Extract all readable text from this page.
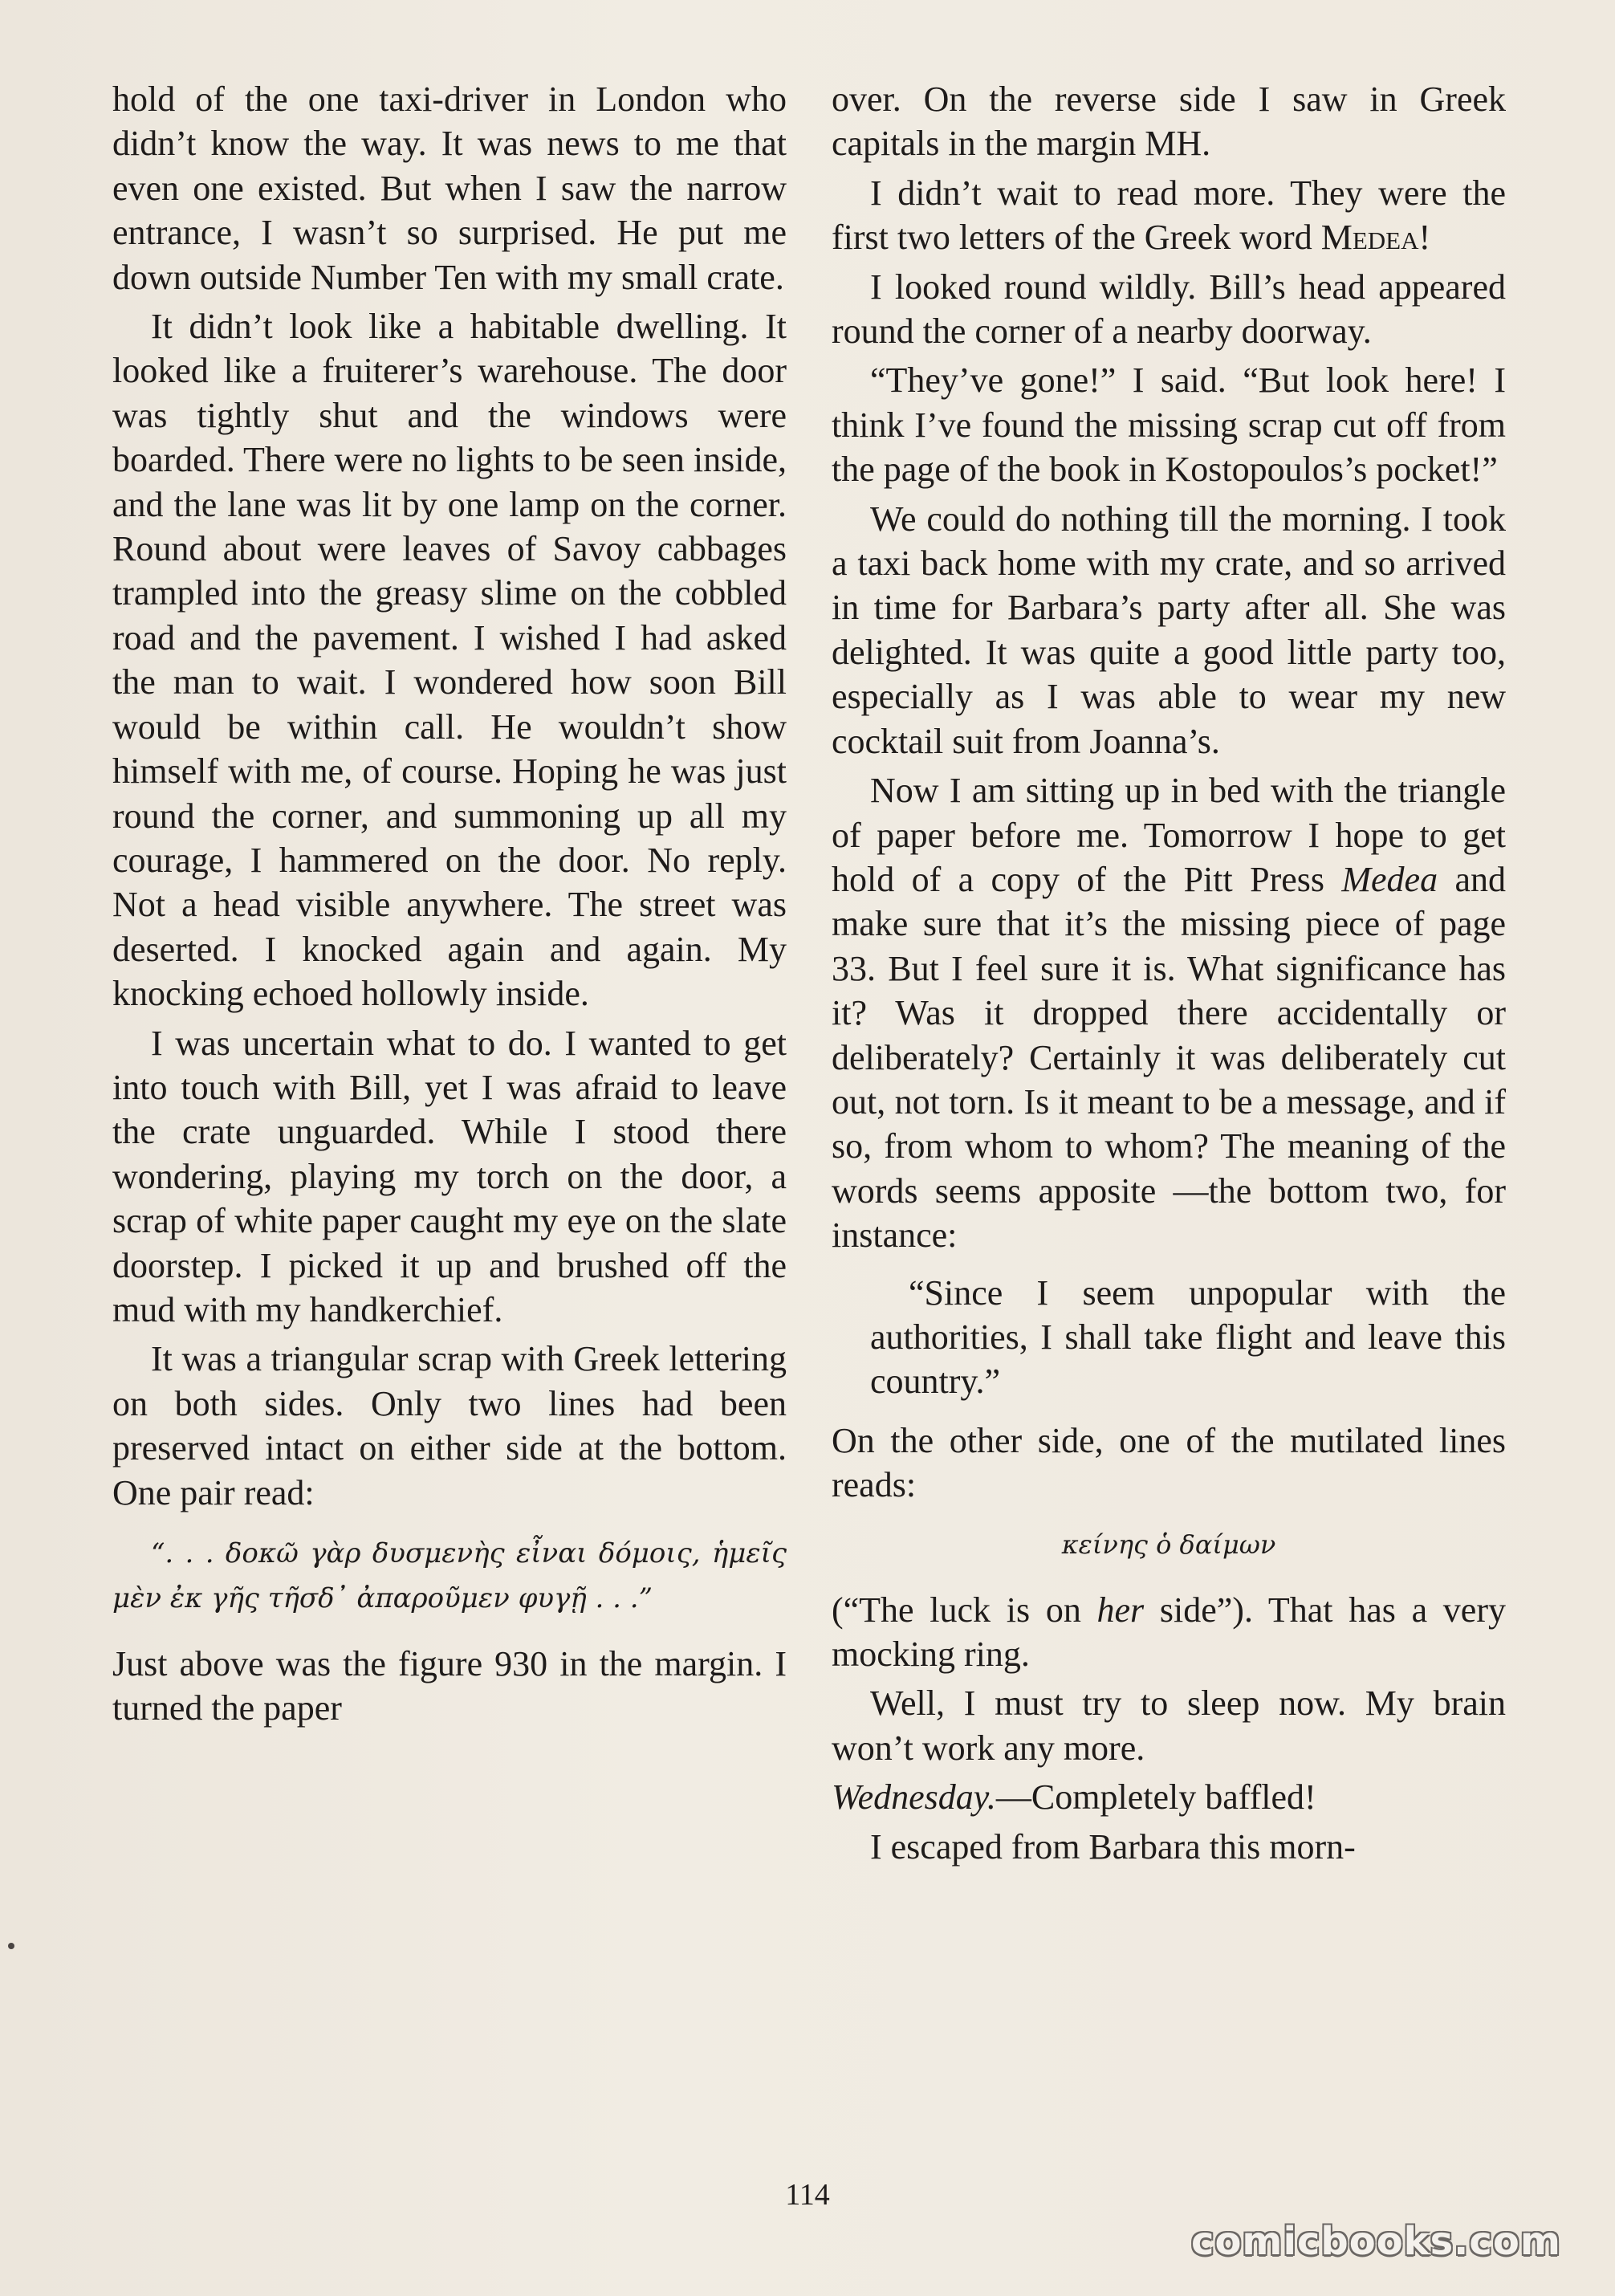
hold of the one taxi-driver in London who didn’t know the way. It was news to me that even one existed. But when I saw the narrow entrance, I wasn’t so surprised. He put me down outside Number Ten with my small crate.

It didn’t look like a habitable dwelling. It looked like a fruiterer’s warehouse. The door was tightly shut and the windows were boarded. There were no lights to be seen inside, and the lane was lit by one lamp on the corner. Round about were leaves of Savoy cabbages trampled into the greasy slime on the cobbled road and the pavement. I wished I had asked the man to wait. I wondered how soon Bill would be within call. He wouldn’t show himself with me, of course. Hoping he was just round the corner, and summoning up all my courage, I hammered on the door. No reply. Not a head visible anywhere. The street was deserted. I knocked again and again. My knocking echoed hollowly inside.

I was uncertain what to do. I wanted to get into touch with Bill, yet I was afraid to leave the crate unguarded. While I stood there wondering, playing my torch on the door, a scrap of white paper caught my eye on the slate doorstep. I picked it up and brushed off the mud with my handkerchief.

It was a triangular scrap with Greek lettering on both sides. Only two lines had been preserved intact on either side at the bottom. One pair read:

“. . . δοκῶ γὰρ δυσμενὴς εἶναι δόμοις, ἡμεῖς μὲν ἐκ γῆς τῆσδ᾽ ἀπαροῦμεν φυγῇ . . .”

Just above was the figure 930 in the margin. I turned the paper

over. On the reverse side I saw in Greek capitals in the margin MH.

I didn’t wait to read more. They were the first two letters of the Greek word Medea!

I looked round wildly. Bill’s head appeared round the corner of a nearby doorway.

“They’ve gone!” I said. “But look here! I think I’ve found the missing scrap cut off from the page of the book in Kostopoulos’s pocket!”

We could do nothing till the morning. I took a taxi back home with my crate, and so arrived in time for Barbara’s party after all. She was delighted. It was quite a good little party too, especially as I was able to wear my new cocktail suit from Joanna’s.

Now I am sitting up in bed with the triangle of paper before me. Tomorrow I hope to get hold of a copy of the Pitt Press Medea and make sure that it’s the missing piece of page 33. But I feel sure it is. What significance has it? Was it dropped there accidentally or deliberately? Certainly it was deliberately cut out, not torn. Is it meant to be a message, and if so, from whom to whom? The meaning of the words seems apposite —the bottom two, for instance:

“Since I seem unpopular with the authorities, I shall take flight and leave this country.”

On the other side, one of the mutilated lines reads:

κείνης ὁ δαίμων

(“The luck is on her side”). That has a very mocking ring.

Well, I must try to sleep now. My brain won’t work any more.

Wednesday.—Completely baffled!

I escaped from Barbara this morn-

114
comicbooks.com
